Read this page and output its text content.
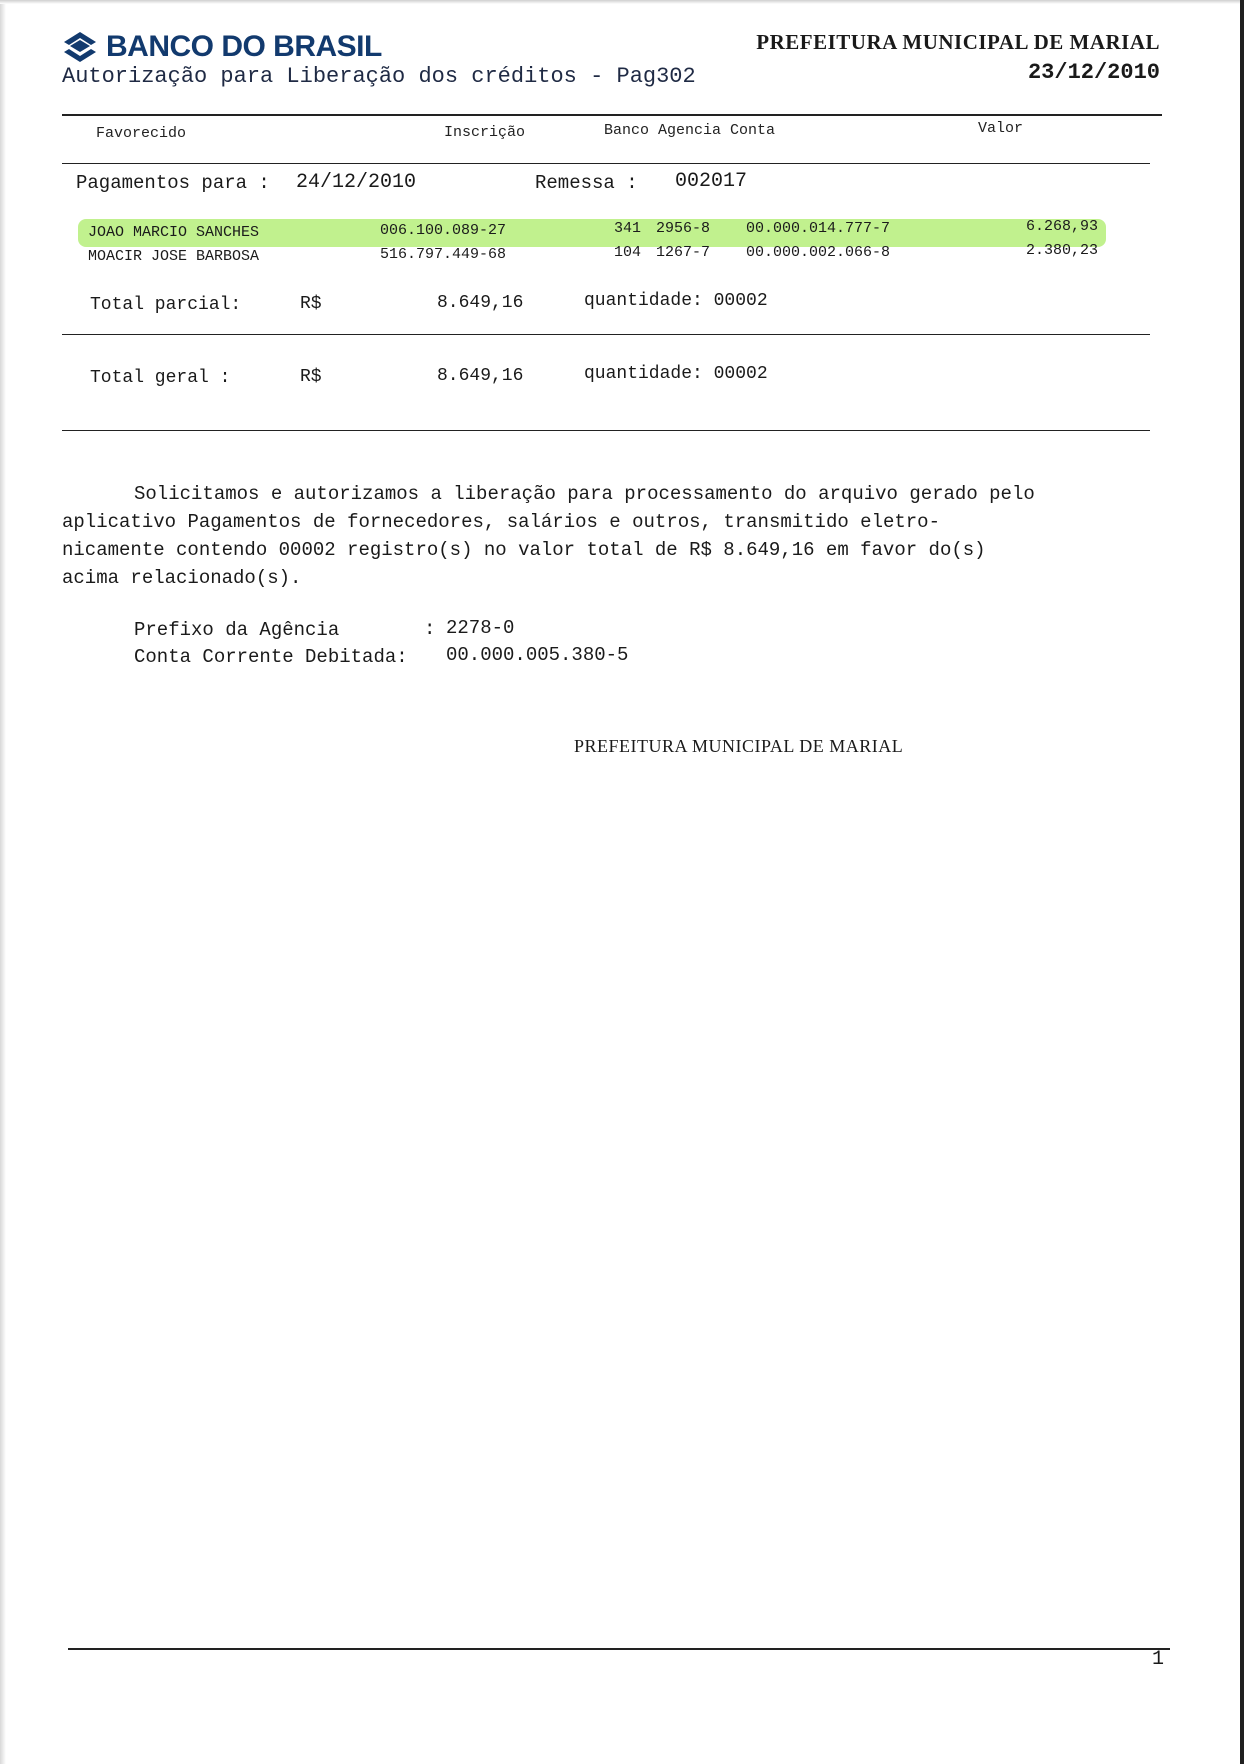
BANCO DO BRASIL
Autorização para Liberação dos créditos - Pag302
PREFEITURA MUNICIPAL DE MARIAL
23/12/2010
Favorecido	Inscrição	Banco Agencia Conta	Valor
Pagamentos para : 24/12/2010	Remessa : 002017
JOAO MARCIO SANCHES	006.100.089-27	341 2956-8 00.000.014.777-7	6.268,93
MOACIR JOSE BARBOSA	516.797.449-68	104 1267-7 00.000.002.066-8	2.380,23
Total parcial:	R$	8.649,16	quantidade: 00002
Total geral :	R$	8.649,16	quantidade: 00002
Solicitamos e autorizamos a liberação para processamento do arquivo gerado pelo
aplicativo Pagamentos de fornecedores, salários e outros, transmitido eletro-
nicamente contendo 00002 registro(s) no valor total de R$ 8.649,16 em favor do(s)
acima relacionado(s).
Prefixo da Agência	: 2278-0
Conta Corrente Debitada: 00.000.005.380-5
PREFEITURA MUNICIPAL DE MARIAL
1
